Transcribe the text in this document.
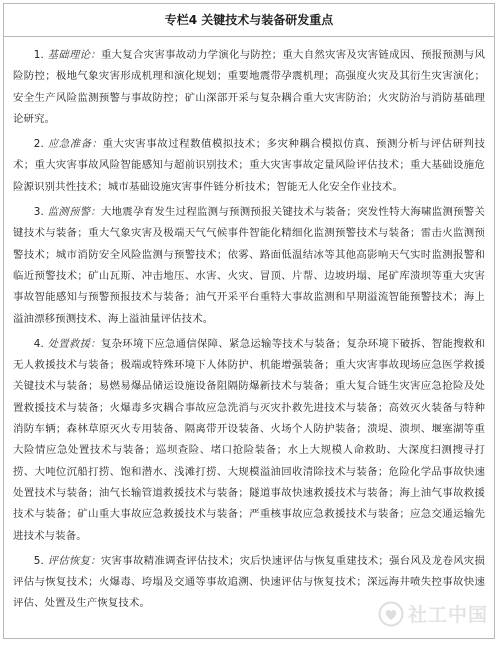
专栏4 关键技术与装备研发重点

1. 基础理论：重大复合灾害事故动力学演化与防控；重大自然灾害及灾害链成因、预报预测与风险防控；极地气象灾害形成机理和演化规划；重要地震带孕震机理；高强度火灾及其衍生灾害演化；安全生产风险监测预警与事故防控；矿山深部开采与复杂耦合重大灾害防治；火灾防治与消防基础理论研究。

2. 应急准备：重大灾害事故过程数值模拟技术；多灾种耦合模拟仿真、预测分析与评估研判技术；重大灾害事故风险智能感知与超前识别技术；重大灾害事故定量风险评估技术；重大基础设施危险源识别共性技术；城市基础设施灾害事件链分析技术；智能无人化安全作业技术。

3. 监测预警：大地震孕育发生过程监测与预测预报关键技术与装备；突发性特大海啸监测预警关键技术与装备；重大气象灾害及极端天气气候事件智能化精细化监测预警技术与装备；雷击火监测预警技术；城市消防安全风险监测与预警技术；依雾、路面低温结冰等其他高影响天气实时监测报警和临近预警技术；矿山瓦斯、冲击地压、水害、火灾、冒顶、片帮、边坡坍塌、尾矿库溃坝等重大灾害事故智能感知与预警预报技术与装备；油气开采平台重特大事故监测和早期溢流智能预警技术；海上溢油漂移预测技术、海上溢油量评估技术。

4. 处置救援：复杂环境下应急通信保障、紧急运输等技术与装备；复杂环境下破拆、智能搜救和无人救援技术与装备；极端或特殊环境下人体防护、机能增强装备；重大灾害事故现场应急医学救援关键技术与装备；易燃易爆品储运设施设备阻隔防爆新技术与装备；重大复合链生灾害应急抢险及处置救援技术与装备；火爆毒多灾耦合事故应急洗消与灭灾扑救先进技术与装备；高效灭火装备与特种消防车辆；森林草原灭火专用装备、隔离带开设装备、火场个人防护装备；溃堤、溃坝、堰塞湖等重大险情应急处置技术与装备；巡坝查险、堵口抢险装备；水上大规模人命救助、大深度扫测搜寻打捞、大吨位沉船打捞、饱和潜水、浅滩打捞、大规模溢油回收清除技术与装备；危险化学品事故快速处置技术与装备；油气长输管道救援技术与装备；隧道事故快速救援技术与装备；海上油气事故救援技术与装备；矿山重大事故应急救援技术与装备；严重核事故应急救援技术与装备；应急交通运输先进技术与装备。

5. 评估恢复：灾害事故精准调查评估技术；灾后快速评估与恢复重建技术；强台风及龙卷风灾损评估与恢复技术；火爆毒、垮塌及交通等事故追溯、快速评估与恢复技术；深远海井喷失控事故快速评估、处置及生产恢复技术。

社工中国
